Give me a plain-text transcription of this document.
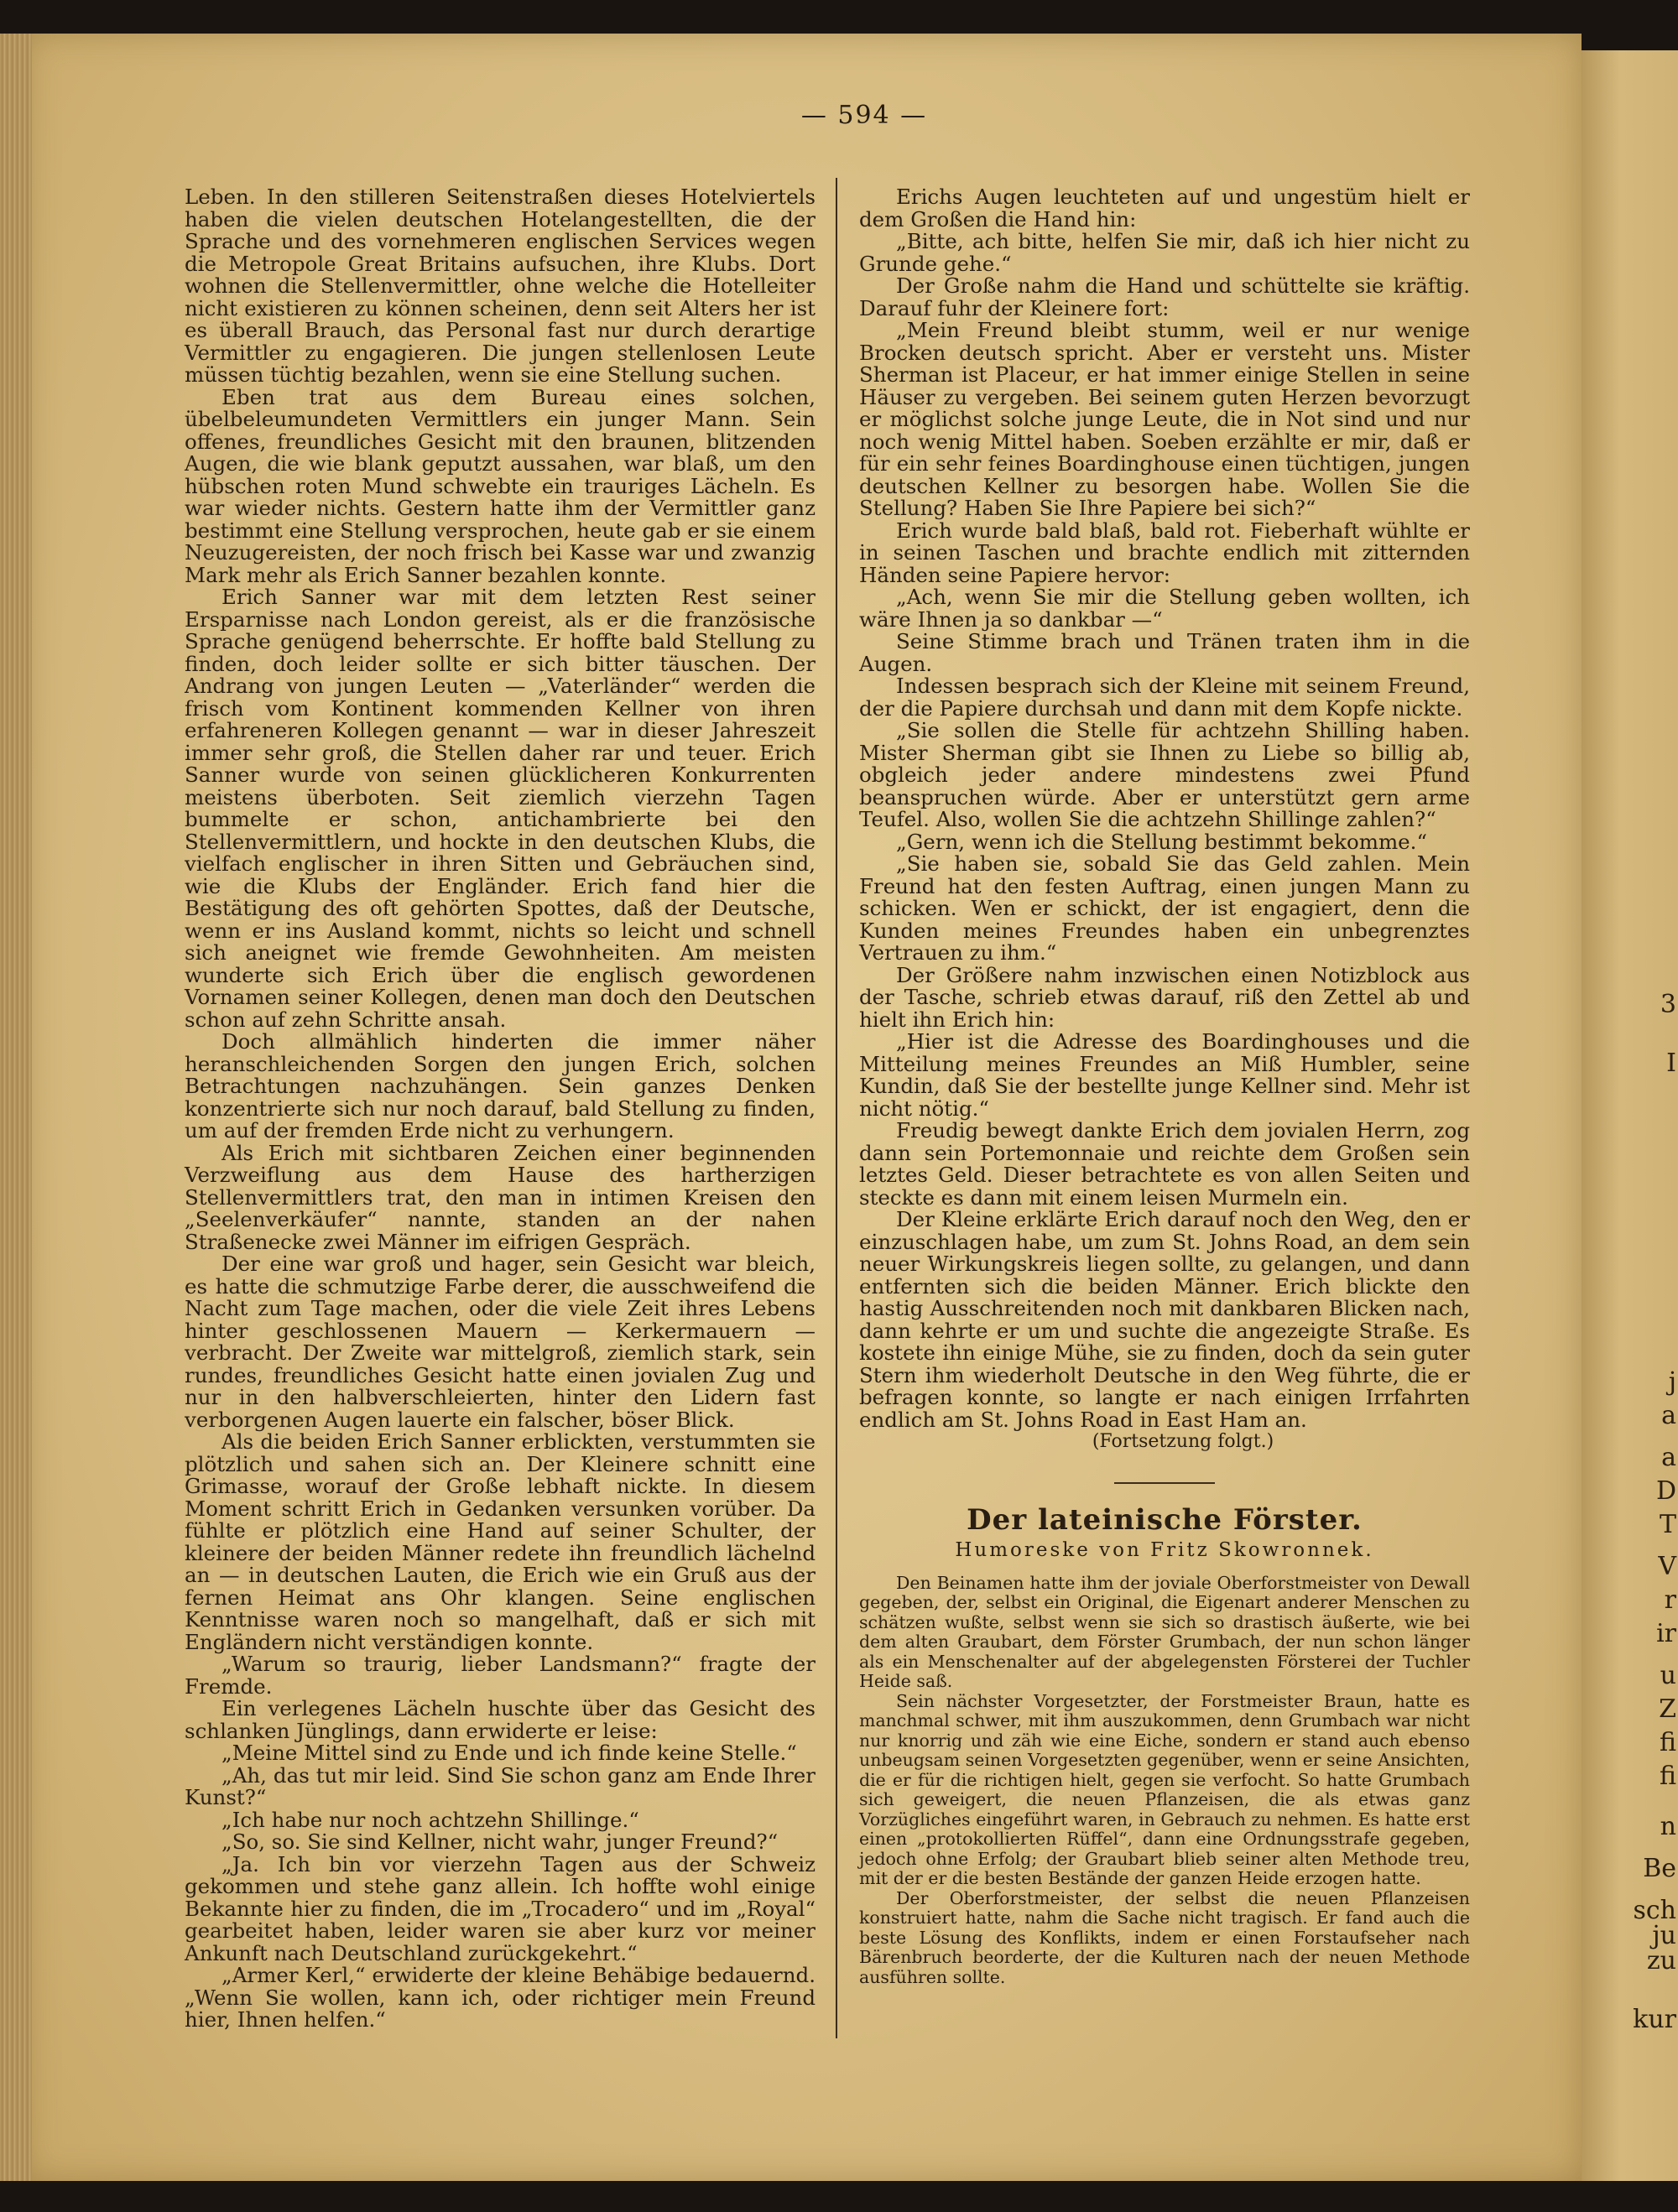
3
I
j
a
a
D
T
V
r
ir
u
Z
fi
fi
n
Be
sch
ju
zu
kur
— 594 —

Leben. In den stilleren Seitenstraßen dieses Hotelviertels haben die vielen deutschen Hotelangestellten, die der Sprache und des vornehmeren englischen Services wegen die Metropole Great Britains aufsuchen, ihre Klubs. Dort wohnen die Stellenvermittler, ohne welche die Hotelleiter nicht existieren zu können scheinen, denn seit Alters her ist es überall Brauch, das Personal fast nur durch derartige Vermittler zu engagieren. Die jungen stellenlosen Leute müssen tüchtig bezahlen, wenn sie eine Stellung suchen.

Eben trat aus dem Bureau eines solchen, übelbeleumundeten Vermittlers ein junger Mann. Sein offenes, freundliches Gesicht mit den braunen, blitzenden Augen, die wie blank geputzt aussahen, war blaß, um den hübschen roten Mund schwebte ein trauriges Lächeln. Es war wieder nichts. Gestern hatte ihm der Vermittler ganz bestimmt eine Stellung versprochen, heute gab er sie einem Neuzugereisten, der noch frisch bei Kasse war und zwanzig Mark mehr als Erich Sanner bezahlen konnte.

Erich Sanner war mit dem letzten Rest seiner Ersparnisse nach London gereist, als er die französische Sprache genügend beherrschte. Er hoffte bald Stellung zu finden, doch leider sollte er sich bitter täuschen. Der Andrang von jungen Leuten — „Vaterländer“ werden die frisch vom Kontinent kommenden Kellner von ihren erfahreneren Kollegen genannt — war in dieser Jahreszeit immer sehr groß, die Stellen daher rar und teuer. Erich Sanner wurde von seinen glücklicheren Konkurrenten meistens überboten. Seit ziemlich vierzehn Tagen bummelte er schon, antichambrierte bei den Stellenvermittlern, und hockte in den deutschen Klubs, die vielfach englischer in ihren Sitten und Gebräuchen sind, wie die Klubs der Engländer. Erich fand hier die Bestätigung des oft gehörten Spottes, daß der Deutsche, wenn er ins Ausland kommt, nichts so leicht und schnell sich aneignet wie fremde Gewohnheiten. Am meisten wunderte sich Erich über die englisch gewordenen Vornamen seiner Kollegen, denen man doch den Deutschen schon auf zehn Schritte ansah.

Doch allmählich hinderten die immer näher heranschleichenden Sorgen den jungen Erich, solchen Betrachtungen nachzuhängen. Sein ganzes Denken konzentrierte sich nur noch darauf, bald Stellung zu finden, um auf der fremden Erde nicht zu verhungern.

Als Erich mit sichtbaren Zeichen einer beginnenden Verzweiflung aus dem Hause des hartherzigen Stellenvermittlers trat, den man in intimen Kreisen den „Seelenverkäufer“ nannte, standen an der nahen Straßenecke zwei Männer im eifrigen Gespräch.

Der eine war groß und hager, sein Gesicht war bleich, es hatte die schmutzige Farbe derer, die ausschweifend die Nacht zum Tage machen, oder die viele Zeit ihres Lebens hinter geschlossenen Mauern — Kerkermauern — verbracht. Der Zweite war mittelgroß, ziemlich stark, sein rundes, freundliches Gesicht hatte einen jovialen Zug und nur in den halbverschleierten, hinter den Lidern fast verborgenen Augen lauerte ein falscher, böser Blick.

Als die beiden Erich Sanner erblickten, verstummten sie plötzlich und sahen sich an. Der Kleinere schnitt eine Grimasse, worauf der Große lebhaft nickte. In diesem Moment schritt Erich in Gedanken versunken vorüber. Da fühlte er plötzlich eine Hand auf seiner Schulter, der kleinere der beiden Männer redete ihn freundlich lächelnd an — in deutschen Lauten, die Erich wie ein Gruß aus der fernen Heimat ans Ohr klangen. Seine englischen Kenntnisse waren noch so mangelhaft, daß er sich mit Engländern nicht verständigen konnte.

„Warum so traurig, lieber Landsmann?“ fragte der Fremde.

Ein verlegenes Lächeln huschte über das Gesicht des schlanken Jünglings, dann erwiderte er leise:

„Meine Mittel sind zu Ende und ich finde keine Stelle.“

„Ah, das tut mir leid. Sind Sie schon ganz am Ende Ihrer Kunst?“

„Ich habe nur noch achtzehn Shillinge.“

„So, so. Sie sind Kellner, nicht wahr, junger Freund?“

„Ja. Ich bin vor vierzehn Tagen aus der Schweiz gekommen und stehe ganz allein. Ich hoffte wohl einige Bekannte hier zu finden, die im „Trocadero“ und im „Royal“ gearbeitet haben, leider waren sie aber kurz vor meiner Ankunft nach Deutschland zurückgekehrt.“

„Armer Kerl,“ erwiderte der kleine Behäbige bedauernd. „Wenn Sie wollen, kann ich, oder richtiger mein Freund hier, Ihnen helfen.“

Erichs Augen leuchteten auf und ungestüm hielt er dem Großen die Hand hin:

„Bitte, ach bitte, helfen Sie mir, daß ich hier nicht zu Grunde gehe.“

Der Große nahm die Hand und schüttelte sie kräftig. Darauf fuhr der Kleinere fort:

„Mein Freund bleibt stumm, weil er nur wenige Brocken deutsch spricht. Aber er versteht uns. Mister Sherman ist Placeur, er hat immer einige Stellen in seine Häuser zu vergeben. Bei seinem guten Herzen bevorzugt er möglichst solche junge Leute, die in Not sind und nur noch wenig Mittel haben. Soeben erzählte er mir, daß er für ein sehr feines Boardinghouse einen tüchtigen, jungen deutschen Kellner zu besorgen habe. Wollen Sie die Stellung? Haben Sie Ihre Papiere bei sich?“

Erich wurde bald blaß, bald rot. Fieberhaft wühlte er in seinen Taschen und brachte endlich mit zitternden Händen seine Papiere hervor:

„Ach, wenn Sie mir die Stellung geben wollten, ich wäre Ihnen ja so dankbar —“

Seine Stimme brach und Tränen traten ihm in die Augen.

Indessen besprach sich der Kleine mit seinem Freund, der die Papiere durchsah und dann mit dem Kopfe nickte.

„Sie sollen die Stelle für achtzehn Shilling haben. Mister Sherman gibt sie Ihnen zu Liebe so billig ab, obgleich jeder andere mindestens zwei Pfund beanspruchen würde. Aber er unterstützt gern arme Teufel. Also, wollen Sie die achtzehn Shillinge zahlen?“

„Gern, wenn ich die Stellung bestimmt bekomme.“

„Sie haben sie, sobald Sie das Geld zahlen. Mein Freund hat den festen Auftrag, einen jungen Mann zu schicken. Wen er schickt, der ist engagiert, denn die Kunden meines Freundes haben ein unbegrenztes Vertrauen zu ihm.“

Der Größere nahm inzwischen einen Notizblock aus der Tasche, schrieb etwas darauf, riß den Zettel ab und hielt ihn Erich hin:

„Hier ist die Adresse des Boardinghouses und die Mitteilung meines Freundes an Miß Humbler, seine Kundin, daß Sie der bestellte junge Kellner sind. Mehr ist nicht nötig.“

Freudig bewegt dankte Erich dem jovialen Herrn, zog dann sein Portemonnaie und reichte dem Großen sein letztes Geld. Dieser betrachtete es von allen Seiten und steckte es dann mit einem leisen Murmeln ein.

Der Kleine erklärte Erich darauf noch den Weg, den er einzuschlagen habe, um zum St. Johns Road, an dem sein neuer Wirkungskreis liegen sollte, zu gelangen, und dann entfernten sich die beiden Männer. Erich blickte den hastig Ausschreitenden noch mit dankbaren Blicken nach, dann kehrte er um und suchte die angezeigte Straße. Es kostete ihn einige Mühe, sie zu finden, doch da sein guter Stern ihm wiederholt Deutsche in den Weg führte, die er befragen konnte, so langte er nach einigen Irrfahrten endlich am St. Johns Road in East Ham an.

(Fortsetzung folgt.)

Der lateinische Förster.
Humoreske von Fritz Skowronnek.

Den Beinamen hatte ihm der joviale Oberforstmeister von Dewall gegeben, der, selbst ein Original, die Eigenart anderer Menschen zu schätzen wußte, selbst wenn sie sich so drastisch äußerte, wie bei dem alten Graubart, dem Förster Grumbach, der nun schon länger als ein Menschenalter auf der abgelegensten Försterei der Tuchler Heide saß.

Sein nächster Vorgesetzter, der Forstmeister Braun, hatte es manchmal schwer, mit ihm auszukommen, denn Grumbach war nicht nur knorrig und zäh wie eine Eiche, sondern er stand auch ebenso unbeugsam seinen Vorgesetzten gegenüber, wenn er seine Ansichten, die er für die richtigen hielt, gegen sie verfocht. So hatte Grumbach sich geweigert, die neuen Pflanzeisen, die als etwas ganz Vorzügliches eingeführt waren, in Gebrauch zu nehmen. Es hatte erst einen „protokollierten Rüffel“, dann eine Ordnungsstrafe gegeben, jedoch ohne Erfolg; der Graubart blieb seiner alten Methode treu, mit der er die besten Bestände der ganzen Heide erzogen hatte.

Der Oberforstmeister, der selbst die neuen Pflanzeisen konstruiert hatte, nahm die Sache nicht tragisch. Er fand auch die beste Lösung des Konflikts, indem er einen Forstaufseher nach Bärenbruch beorderte, der die Kulturen nach der neuen Methode ausführen sollte.
